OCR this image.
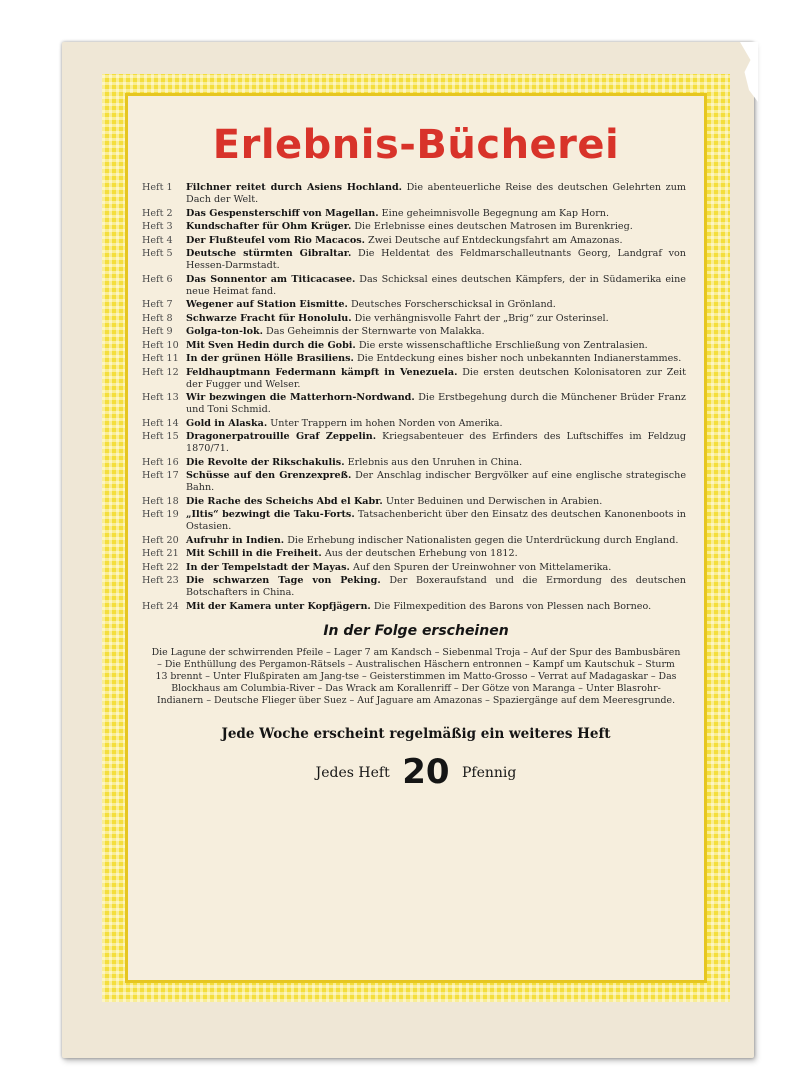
Erlebnis-Bücherei
Heft 1	Filchner reitet durch Asiens Hochland. Die abenteuerliche Reise des deutschen Gelehrten zum Dach der Welt.
Heft 2	Das Gespensterschiff von Magellan. Eine geheimnisvolle Begegnung am Kap Horn.
Heft 3	Kundschafter für Ohm Krüger. Die Erlebnisse eines deutschen Matrosen im Burenkrieg.
Heft 4	Der Flußteufel vom Rio Macacos. Zwei Deutsche auf Entdeckungsfahrt am Amazonas.
Heft 5	Deutsche stürmten Gibraltar. Die Heldentat des Feldmarschalleutnants Georg, Landgraf von Hessen-Darmstadt.
Heft 6	Das Sonnentor am Titicacasee. Das Schicksal eines deutschen Kämpfers, der in Südamerika eine neue Heimat fand.
Heft 7	Wegener auf Station Eismitte. Deutsches Forscherschicksal in Grönland.
Heft 8	Schwarze Fracht für Honolulu. Die verhängnisvolle Fahrt der „Brig“ zur Osterinsel.
Heft 9	Golga-ton-lok. Das Geheimnis der Sternwarte von Malakka.
Heft 10 Mit Sven Hedin durch die Gobi. Die erste wissenschaftliche Erschließung von Zentralasien.
Heft 11 In der grünen Hölle Brasiliens. Die Entdeckung eines bisher noch unbekannten Indianerstammes.
Heft 12 Feldhauptmann Federmann kämpft in Venezuela. Die ersten deutschen Kolonisatoren zur Zeit der Fugger und Welser.
Heft 13 Wir bezwingen die Matterhorn-Nordwand. Die Erstbegehung durch die Münchener Brüder Franz und Toni Schmid.
Heft 14 Gold in Alaska. Unter Trappern im hohen Norden von Amerika.
Heft 15 Dragonerpatrouille Graf Zeppelin. Kriegsabenteuer des Erfinders des Luftschiffes im Feldzug 1870/71.
Heft 16 Die Revolte der Rikschakulis. Erlebnis aus den Unruhen in China.
Heft 17 Schüsse auf den Grenzexpreß. Der Anschlag indischer Bergvölker auf eine englische strategische Bahn.
Heft 18 Die Rache des Scheichs Abd el Kabr. Unter Beduinen und Derwischen in Arabien.
Heft 19 „Iltis“ bezwingt die Taku-Forts. Tatsachenbericht über den Einsatz des deutschen Kanonenboots in Ostasien.
Heft 20 Aufruhr in Indien. Die Erhebung indischer Nationalisten gegen die Unterdrückung durch England.
Heft 21 Mit Schill in die Freiheit. Aus der deutschen Erhebung von 1812.
Heft 22 In der Tempelstadt der Mayas. Auf den Spuren der Ureinwohner von Mittelamerika.
Heft 23 Die schwarzen Tage von Peking. Der Boxeraufstand und die Ermordung des deutschen Botschafters in China.
Heft 24 Mit der Kamera unter Kopfjägern. Die Filmexpedition des Barons von Plessen nach Borneo.
In der Folge erscheinen
Die Lagune der schwirrenden Pfeile – Lager 7 am Kandsch – Siebenmal Troja – Auf der Spur des Bambusbären – Die Enthüllung des Pergamon-Rätsels – Australischen Häschern entronnen – Kampf um Kautschuk – Sturm 13 brennt – Unter Flußpiraten am Jang-tse – Geisterstimmen im Matto-Grosso – Verrat auf Madagaskar – Das Blockhaus am Columbia-River – Das Wrack am Korallenriff – Der Götze von Maranga – Unter Blasrohr-Indianern – Deutsche Flieger über Suez – Auf Jaguare am Amazonas – Spaziergänge auf dem Meeresgrunde.
Jede Woche erscheint regelmäßig ein weiteres Heft
Jedes Heft 20 Pfennig
